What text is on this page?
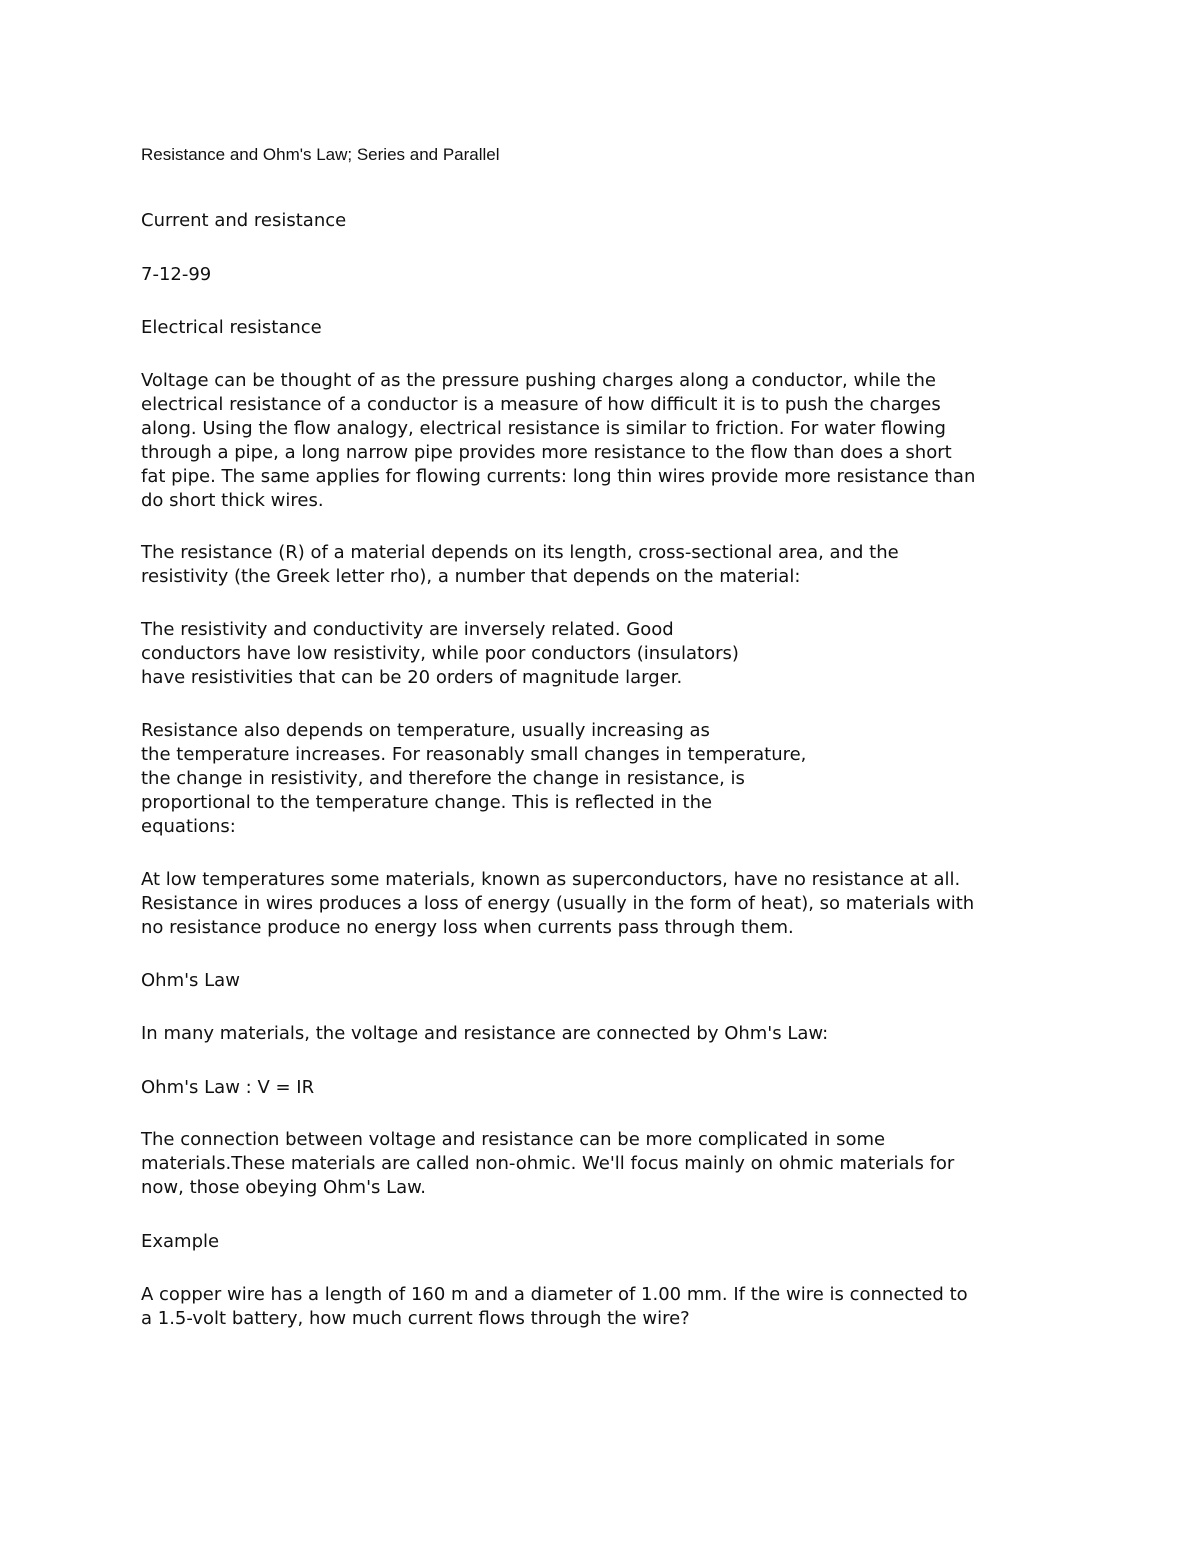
Resistance and Ohm's Law; Series and Parallel

Current and resistance

7-12-99

Electrical resistance

Voltage can be thought of as the pressure pushing charges along a conductor, while the
electrical resistance of a conductor is a measure of how difficult it is to push the charges
along. Using the flow analogy, electrical resistance is similar to friction. For water flowing
through a pipe, a long narrow pipe provides more resistance to the flow than does a short
fat pipe. The same applies for flowing currents: long thin wires provide more resistance than
do short thick wires.

The resistance (R) of a material depends on its length, cross-sectional area, and the
resistivity (the Greek letter rho), a number that depends on the material:

The resistivity and conductivity are inversely related. Good
conductors have low resistivity, while poor conductors (insulators)
have resistivities that can be 20 orders of magnitude larger.

Resistance also depends on temperature, usually increasing as
the temperature increases. For reasonably small changes in temperature,
the change in resistivity, and therefore the change in resistance, is
proportional to the temperature change. This is reflected in the
equations:

At low temperatures some materials, known as superconductors, have no resistance at all.
Resistance in wires produces a loss of energy (usually in the form of heat), so materials with
no resistance produce no energy loss when currents pass through them.

Ohm's Law

In many materials, the voltage and resistance are connected by Ohm's Law:

Ohm's Law : V = IR

The connection between voltage and resistance can be more complicated in some
materials.These materials are called non-ohmic. We'll focus mainly on ohmic materials for
now, those obeying Ohm's Law.

Example

A copper wire has a length of 160 m and a diameter of 1.00 mm. If the wire is connected to
a 1.5-volt battery, how much current flows through the wire?
